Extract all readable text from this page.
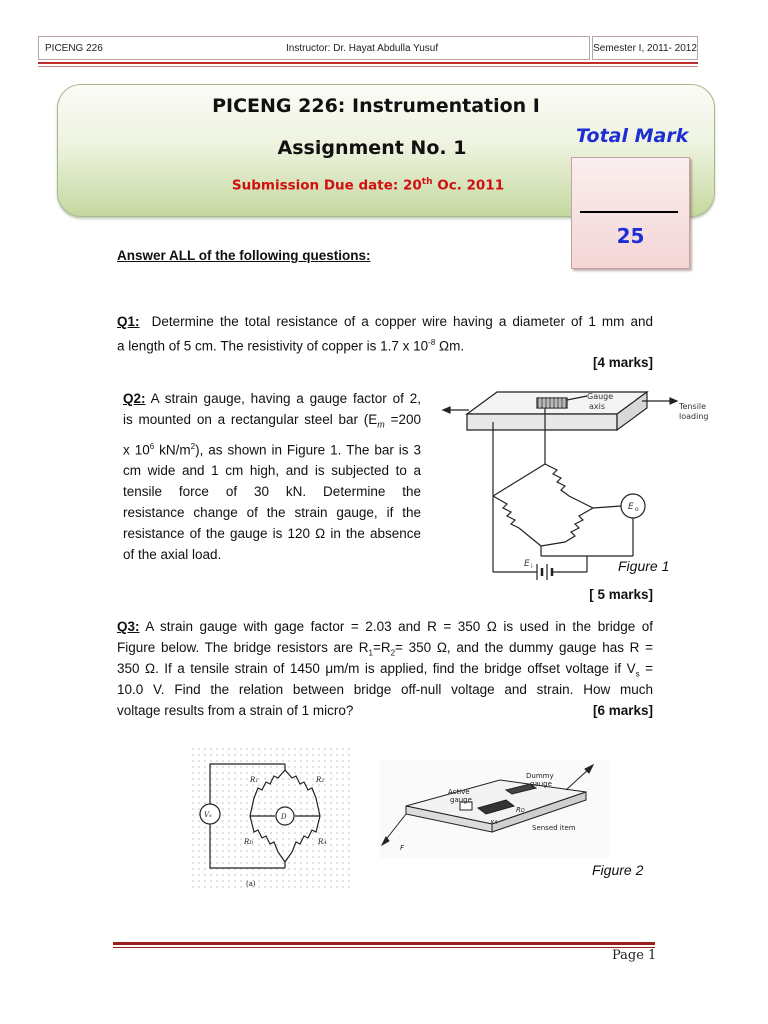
PICENG 226	Instructor: Dr. Hayat Abdulla Yusuf	Semester I, 2011- 2012
PICENG 226: Instrumentation I
Assignment No. 1
Submission Due date: 20th Oc. 2011
Total Mark
25
Answer ALL of the following questions:
Q1: Determine the total resistance of a copper wire having a diameter of 1 mm and
a length of 5 cm. The resistivity of copper is 1.7 x $10^{-8}$ Ωm.
[4 marks]
Q2: A strain gauge, having a gauge factor of 2,
is mounted on a rectangular steel bar ($E_m =200$
x $10^6$ $kN/m^2$), as shown in Figure 1. The bar is 3
cm wide and 1 cm high, and is subjected to a
tensile force of 30 kN. Determine the
resistance change of the strain gauge, if the
resistance of the gauge is 120 Ω in the absence
of the axial load.
Gauge
axis	Tensile
loading
E o
E i	Figure 1
[ 5 marks]
Q3: A strain gauge with gage factor = 2.03 and R = 350 Ω is used in the bridge of
Figure below. The bridge resistors are $R_1=R_2= 350$ Ω, and the dummy gauge has R =
350 Ω. If a tensile strain of 1450 μm/m is applied, find the bridge offset voltage if $V_s$ =
10.0 V. Find the relation between bridge off-null voltage and strain. How much
voltage results from a strain of 1 micro?	[6 marks]
R1	R2
RD	RA
Vs	D
(a)
Active
gauge
Dummy
gauge
xA
RD
Sensed item
F
Figure 2
Page 1
